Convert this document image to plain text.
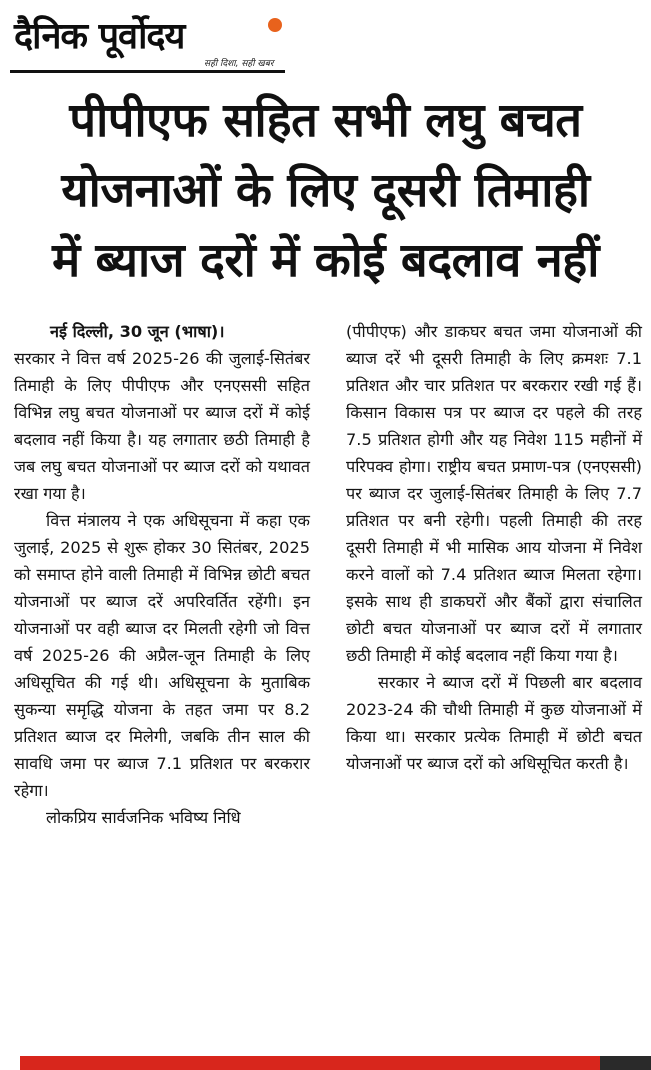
दैनिक पूर्वोदय
सही दिशा, सही खबर
पीपीएफ सहित सभी लघु बचत
योजनाओं के लिए दूसरी तिमाही
में ब्याज दरों में कोई बदलाव नहीं

नई दिल्ली, 30 जून (भाषा)।

सरकार ने वित्त वर्ष 2025-26 की जुलाई-सितंबर तिमाही के लिए पीपीएफ और एनएससी सहित विभिन्न लघु बचत योजनाओं पर ब्याज दरों में कोई बदलाव नहीं किया है। यह लगातार छठी तिमाही है जब लघु बचत योजनाओं पर ब्याज दरों को यथावत रखा गया है।

वित्त मंत्रालय ने एक अधिसूचना में कहा एक जुलाई, 2025 से शुरू होकर 30 सितंबर, 2025 को समाप्त होने वाली तिमाही में विभिन्न छोटी बचत योजनाओं पर ब्याज दरें अपरिवर्तित रहेंगी। इन योजनाओं पर वही ब्याज दर मिलती रहेगी जो वित्त वर्ष 2025-26 की अप्रैल-जून तिमाही के लिए अधिसूचित की गई थी। अधिसूचना के मुताबिक सुकन्या समृद्धि योजना के तहत जमा पर 8.2 प्रतिशत ब्याज दर मिलेगी, जबकि तीन साल की सावधि जमा पर ब्याज 7.1 प्रतिशत पर बरकरार रहेगा।

लोकप्रिय सार्वजनिक भविष्य निधि

(पीपीएफ) और डाकघर बचत जमा योजनाओं की ब्याज दरें भी दूसरी तिमाही के लिए क्रमशः 7.1 प्रतिशत और चार प्रतिशत पर बरकरार रखी गई हैं। किसान विकास पत्र पर ब्याज दर पहले की तरह 7.5 प्रतिशत होगी और यह निवेश 115 महीनों में परिपक्व होगा। राष्ट्रीय बचत प्रमाण-पत्र (एनएससी) पर ब्याज दर जुलाई-सितंबर तिमाही के लिए 7.7 प्रतिशत पर बनी रहेगी। पहली तिमाही की तरह दूसरी तिमाही में भी मासिक आय योजना में निवेश करने वालों को 7.4 प्रतिशत ब्याज मिलता रहेगा। इसके साथ ही डाकघरों और बैंकों द्वारा संचालित छोटी बचत योजनाओं पर ब्याज दरों में लगातार छठी तिमाही में कोई बदलाव नहीं किया गया है।

सरकार ने ब्याज दरों में पिछली बार बदलाव 2023-24 की चौथी तिमाही में कुछ योजनाओं में किया था। सरकार प्रत्येक तिमाही में छोटी बचत योजनाओं पर ब्याज दरों को अधिसूचित करती है।
